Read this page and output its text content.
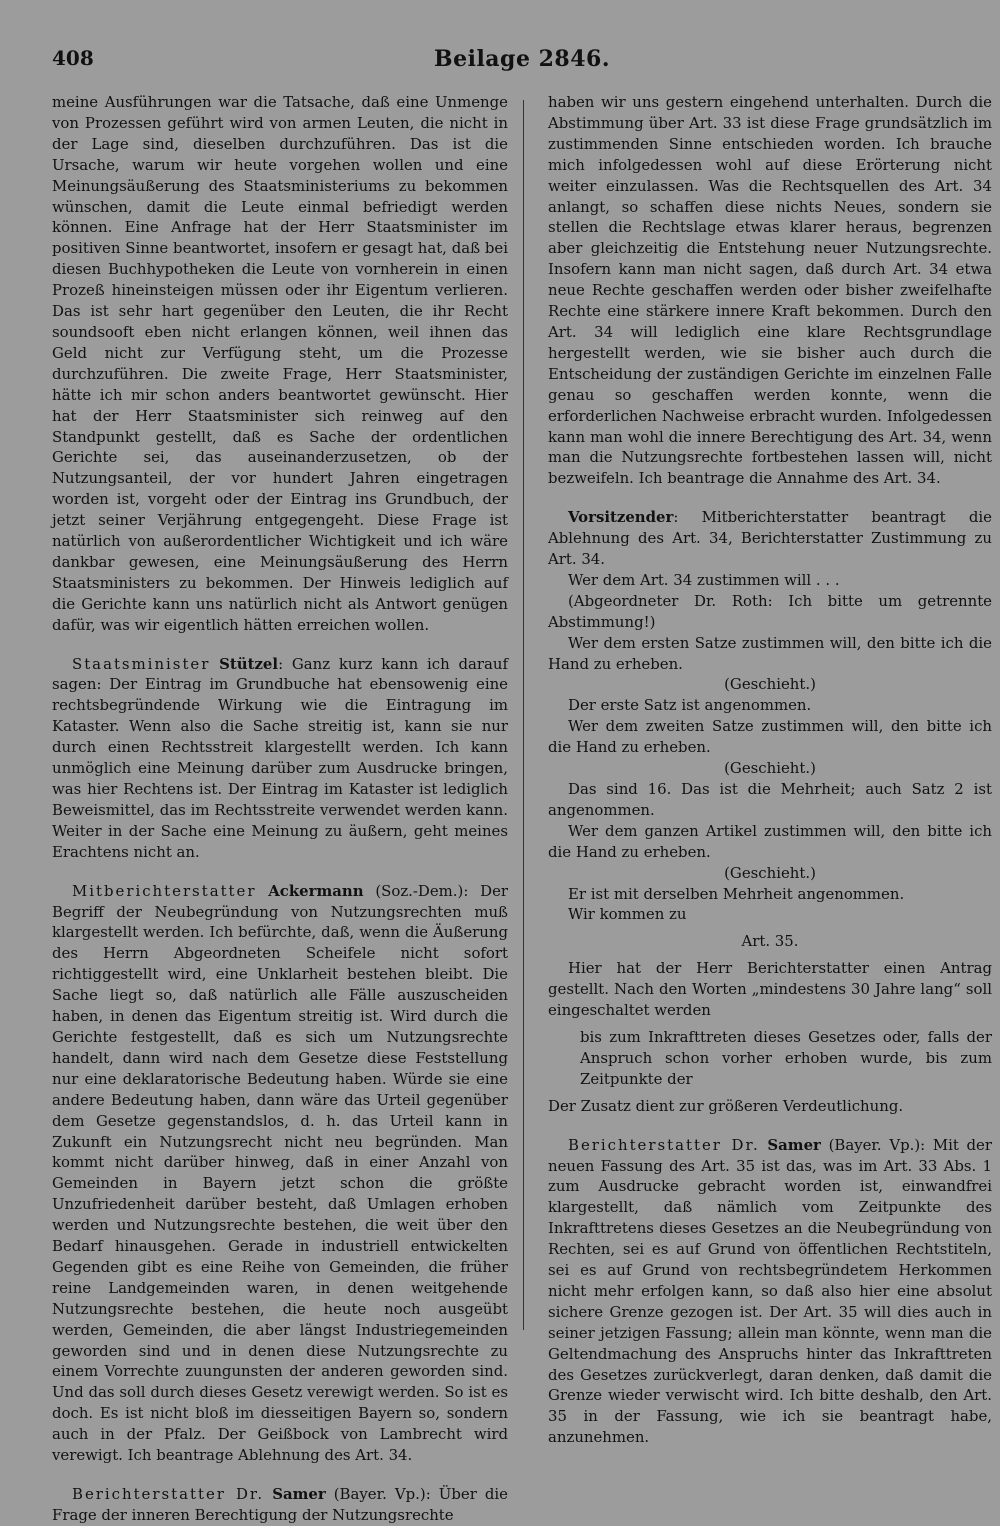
408	Beilage 2846.

meine Ausführungen war die Tatsache, daß eine Unmenge von Prozessen geführt wird von armen Leuten, die nicht in der Lage sind, dieselben durchzuführen. Das ist die Ursache, warum wir heute vorgehen wollen und eine Meinungsäußerung des Staatsministeriums zu bekommen wünschen, damit die Leute einmal befriedigt werden können. Eine Anfrage hat der Herr Staatsminister im positiven Sinne beantwortet, insofern er gesagt hat, daß bei diesen Buchhypotheken die Leute von vornherein in einen Prozeß hineinsteigen müssen oder ihr Eigentum verlieren. Das ist sehr hart gegenüber den Leuten, die ihr Recht soundsooft eben nicht erlangen können, weil ihnen das Geld nicht zur Verfügung steht, um die Prozesse durchzuführen. Die zweite Frage, Herr Staatsminister, hätte ich mir schon anders beantwortet gewünscht. Hier hat der Herr Staatsminister sich reinweg auf den Standpunkt gestellt, daß es Sache der ordentlichen Gerichte sei, das auseinanderzusetzen, ob der Nutzungsanteil, der vor hundert Jahren eingetragen worden ist, vorgeht oder der Eintrag ins Grundbuch, der jetzt seiner Verjährung entgegengeht. Diese Frage ist natürlich von außerordentlicher Wichtigkeit und ich wäre dankbar gewesen, eine Meinungsäußerung des Herrn Staatsministers zu bekommen. Der Hinweis lediglich auf die Gerichte kann uns natürlich nicht als Antwort genügen dafür, was wir eigentlich hätten erreichen wollen.

Staatsminister Stützel: Ganz kurz kann ich darauf sagen: Der Eintrag im Grundbuche hat ebensowenig eine rechtsbegründende Wirkung wie die Eintragung im Kataster. Wenn also die Sache streitig ist, kann sie nur durch einen Rechtsstreit klargestellt werden. Ich kann unmöglich eine Meinung darüber zum Ausdrucke bringen, was hier Rechtens ist. Der Eintrag im Kataster ist lediglich Beweismittel, das im Rechtsstreite verwendet werden kann. Weiter in der Sache eine Meinung zu äußern, geht meines Erachtens nicht an.

Mitberichterstatter Ackermann (Soz.-Dem.): Der Begriff der Neubegründung von Nutzungsrechten muß klargestellt werden. Ich befürchte, daß, wenn die Äußerung des Herrn Abgeordneten Scheifele nicht sofort richtiggestellt wird, eine Unklarheit bestehen bleibt. Die Sache liegt so, daß natürlich alle Fälle auszuscheiden haben, in denen das Eigentum streitig ist. Wird durch die Gerichte festgestellt, daß es sich um Nutzungsrechte handelt, dann wird nach dem Gesetze diese Feststellung nur eine deklaratorische Bedeutung haben. Würde sie eine andere Bedeutung haben, dann wäre das Urteil gegenüber dem Gesetze gegenstandslos, d. h. das Urteil kann in Zukunft ein Nutzungsrecht nicht neu begründen. Man kommt nicht darüber hinweg, daß in einer Anzahl von Gemeinden in Bayern jetzt schon die größte Unzufriedenheit darüber besteht, daß Umlagen erhoben werden und Nutzungsrechte bestehen, die weit über den Bedarf hinausgehen. Gerade in industriell entwickelten Gegenden gibt es eine Reihe von Gemeinden, die früher reine Landgemeinden waren, in denen weitgehende Nutzungsrechte bestehen, die heute noch ausgeübt werden, Gemeinden, die aber längst Industriegemeinden geworden sind und in denen diese Nutzungsrechte zu einem Vorrechte zuungunsten der anderen geworden sind. Und das soll durch dieses Gesetz verewigt werden. So ist es doch. Es ist nicht bloß im diesseitigen Bayern so, sondern auch in der Pfalz. Der Geißbock von Lambrecht wird verewigt. Ich beantrage Ablehnung des Art. 34.

Berichterstatter Dr. Samer (Bayer. Vp.): Über die Frage der inneren Berechtigung der Nutzungsrechte

haben wir uns gestern eingehend unterhalten. Durch die Abstimmung über Art. 33 ist diese Frage grundsätzlich im zustimmenden Sinne entschieden worden. Ich brauche mich infolgedessen wohl auf diese Erörterung nicht weiter einzulassen. Was die Rechtsquellen des Art. 34 anlangt, so schaffen diese nichts Neues, sondern sie stellen die Rechtslage etwas klarer heraus, begrenzen aber gleichzeitig die Entstehung neuer Nutzungsrechte. Insofern kann man nicht sagen, daß durch Art. 34 etwa neue Rechte geschaffen werden oder bisher zweifelhafte Rechte eine stärkere innere Kraft bekommen. Durch den Art. 34 will lediglich eine klare Rechtsgrundlage hergestellt werden, wie sie bisher auch durch die Entscheidung der zuständigen Gerichte im einzelnen Falle genau so geschaffen werden konnte, wenn die erforderlichen Nachweise erbracht wurden. Infolgedessen kann man wohl die innere Berechtigung des Art. 34, wenn man die Nutzungsrechte fortbestehen lassen will, nicht bezweifeln. Ich beantrage die Annahme des Art. 34.

Vorsitzender: Mitberichterstatter beantragt die Ablehnung des Art. 34, Berichterstatter Zustimmung zu Art. 34.

Wer dem Art. 34 zustimmen will . . .

(Abgeordneter Dr. Roth: Ich bitte um getrennte Abstimmung!)

Wer dem ersten Satze zustimmen will, den bitte ich die Hand zu erheben.

(Geschieht.)

Der erste Satz ist angenommen.

Wer dem zweiten Satze zustimmen will, den bitte ich die Hand zu erheben.

(Geschieht.)

Das sind 16. Das ist die Mehrheit; auch Satz 2 ist angenommen.

Wer dem ganzen Artikel zustimmen will, den bitte ich die Hand zu erheben.

(Geschieht.)

Er ist mit derselben Mehrheit angenommen.

Wir kommen zu

Art. 35.

Hier hat der Herr Berichterstatter einen Antrag gestellt. Nach den Worten „mindestens 30 Jahre lang“ soll eingeschaltet werden

bis zum Inkrafttreten dieses Gesetzes oder, falls der Anspruch schon vorher erhoben wurde, bis zum Zeitpunkte der

Der Zusatz dient zur größeren Verdeutlichung.

Berichterstatter Dr. Samer (Bayer. Vp.): Mit der neuen Fassung des Art. 35 ist das, was im Art. 33 Abs. 1 zum Ausdrucke gebracht worden ist, einwandfrei klargestellt, daß nämlich vom Zeitpunkte des Inkrafttretens dieses Gesetzes an die Neubegründung von Rechten, sei es auf Grund von öffentlichen Rechtstiteln, sei es auf Grund von rechtsbegründetem Herkommen nicht mehr erfolgen kann, so daß also hier eine absolut sichere Grenze gezogen ist. Der Art. 35 will dies auch in seiner jetzigen Fassung; allein man könnte, wenn man die Geltendmachung des Anspruchs hinter das Inkrafttreten des Gesetzes zurückverlegt, daran denken, daß damit die Grenze wieder verwischt wird. Ich bitte deshalb, den Art. 35 in der Fassung, wie ich sie beantragt habe, anzunehmen.
